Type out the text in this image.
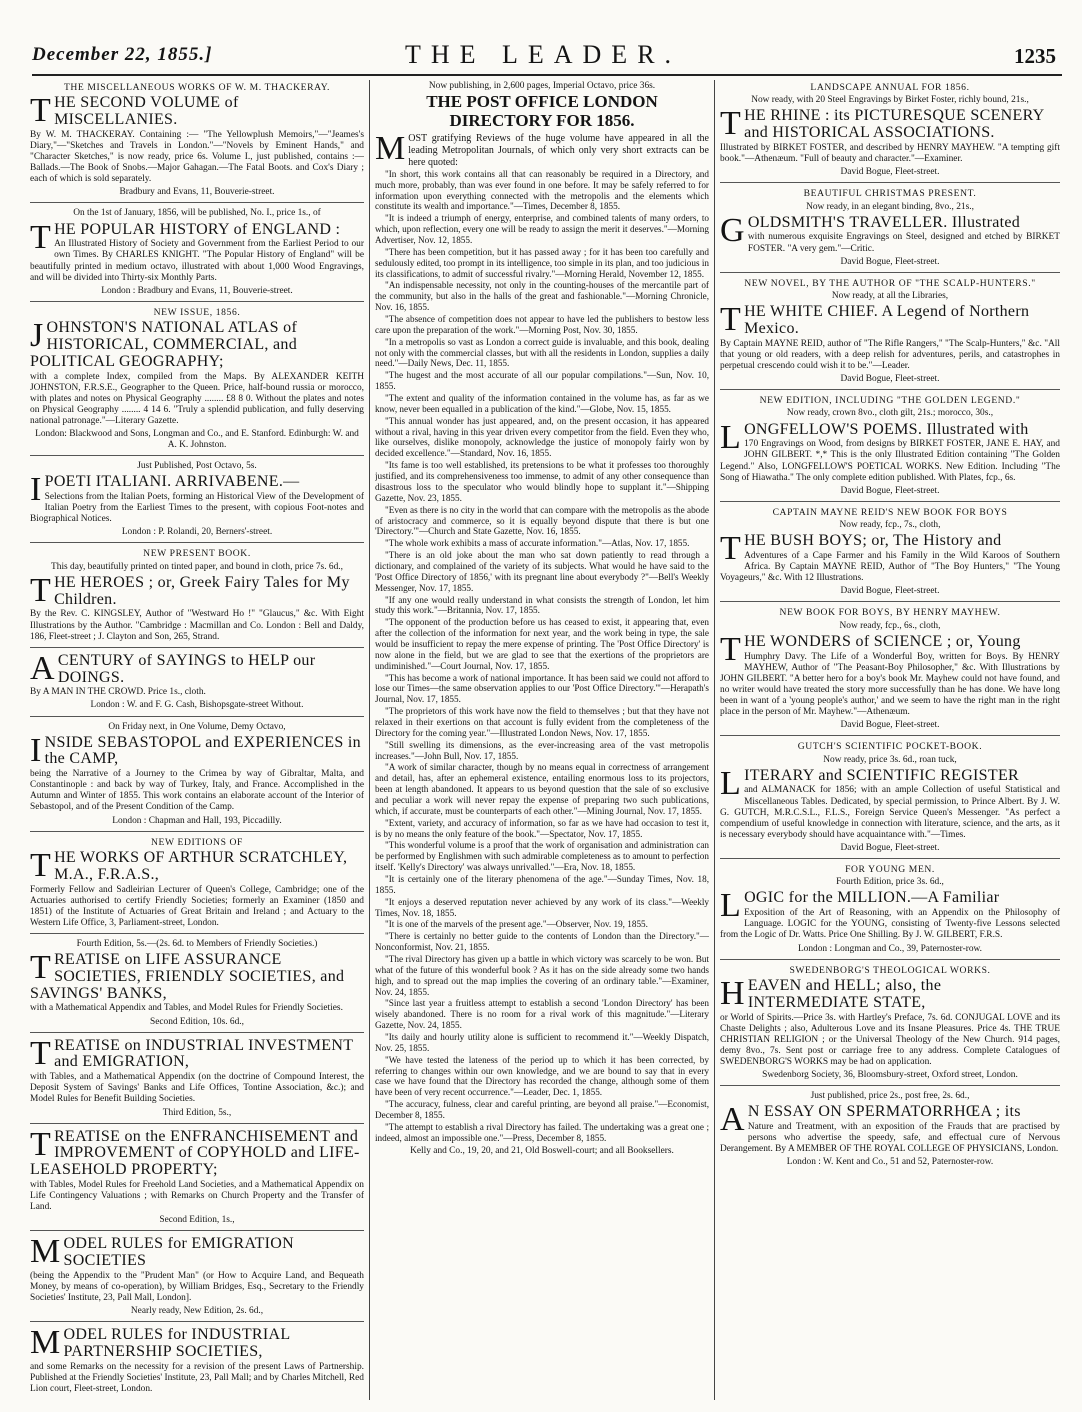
December 22, 1855.]	THE LEADER.	1235
THE MISCELLANEOUS WORKS OF W. M. THACKERAY.
THE SECOND VOLUME of MISCELLANIES.
By W. M. THACKERAY. Containing :— "The Yellowplush Memoirs,"—"Jeames's Diary,"—"Sketches and Travels in London."—"Novels by Eminent Hands," and "Character Sketches," is now ready, price 6s. Volume I., just published, contains :— Ballads.—The Book of Snobs.—Major Gahagan.—The Fatal Boots. and Cox's Diary ; each of which is sold separately.
Bradbury and Evans, 11, Bouverie-street.
On the 1st of January, 1856, will be published, No. I., price 1s., of
THE POPULAR HISTORY of ENGLAND :
An Illustrated History of Society and Government from the Earliest Period to our own Times. By CHARLES KNIGHT. "The Popular History of England" will be beautifully printed in medium octavo, illustrated with about 1,000 Wood Engravings, and will be divided into Thirty-six Monthly Parts.
London : Bradbury and Evans, 11, Bouverie-street.
NEW ISSUE, 1856.
JOHNSTON'S NATIONAL ATLAS of HISTORICAL, COMMERCIAL, and POLITICAL GEOGRAPHY;
with a complete Index, compiled from the Maps. By ALEXANDER KEITH JOHNSTON, F.R.S.E., Geographer to the Queen. Price, half-bound russia or morocco, with plates and notes on Physical Geography ........ £8 8 0. Without the plates and notes on Physical Geography ........ 4 14 6. "Truly a splendid publication, and fully deserving national patronage."—Literary Gazette.
London: Blackwood and Sons, Longman and Co., and E. Stanford. Edinburgh: W. and A. K. Johnston.
Just Published, Post Octavo, 5s.
I POETI ITALIANI. ARRIVABENE.—
Selections from the Italian Poets, forming an Historical View of the Development of Italian Poetry from the Earliest Times to the present, with copious Foot-notes and Biographical Notices.
London : P. Rolandi, 20, Berners'-street.
NEW PRESENT BOOK.
This day, beautifully printed on tinted paper, and bound in cloth, price 7s. 6d.,
THE HEROES ; or, Greek Fairy Tales for My Children.
By the Rev. C. KINGSLEY, Author of "Westward Ho !" "Glaucus," &c. With Eight Illustrations by the Author. "Cambridge : Macmillan and Co. London : Bell and Daldy, 186, Fleet-street ; J. Clayton and Son, 265, Strand.
A CENTURY of SAYINGS to HELP our DOINGS.
By A MAN IN THE CROWD. Price 1s., cloth.
London : W. and F. G. Cash, Bishopsgate-street Without.
On Friday next, in One Volume, Demy Octavo,
INSIDE SEBASTOPOL and EXPERIENCES in the CAMP,
being the Narrative of a Journey to the Crimea by way of Gibraltar, Malta, and Constantinople : and back by way of Turkey, Italy, and France. Accomplished in the Autumn and Winter of 1855. This work contains an elaborate account of the Interior of Sebastopol, and of the Present Condition of the Camp.
London : Chapman and Hall, 193, Piccadilly.
NEW EDITIONS OF
THE WORKS OF ARTHUR SCRATCHLEY, M.A., F.R.A.S.,
Formerly Fellow and Sadleirian Lecturer of Queen's College, Cambridge; one of the Actuaries authorised to certify Friendly Societies; formerly an Examiner (1850 and 1851) of the Institute of Actuaries of Great Britain and Ireland ; and Actuary to the Western Life Office, 3, Parliament-street, London.
Fourth Edition, 5s.—(2s. 6d. to Members of Friendly Societies.)
TREATISE on LIFE ASSURANCE SOCIETIES, FRIENDLY SOCIETIES, and SAVINGS' BANKS,
with a Mathematical Appendix and Tables, and Model Rules for Friendly Societies.
Second Edition, 10s. 6d.,
TREATISE on INDUSTRIAL INVESTMENT and EMIGRATION,
with Tables, and a Mathematical Appendix (on the doctrine of Compound Interest, the Deposit System of Savings' Banks and Life Offices, Tontine Association, &c.); and Model Rules for Benefit Building Societies.
Third Edition, 5s.,
TREATISE on the ENFRANCHISEMENT and IMPROVEMENT of COPYHOLD and LIFE-LEASEHOLD PROPERTY;
with Tables, Model Rules for Freehold Land Societies, and a Mathematical Appendix on Life Contingency Valuations ; with Remarks on Church Property and the Transfer of Land.
Second Edition, 1s.,
MODEL RULES for EMIGRATION SOCIETIES
(being the Appendix to the "Prudent Man" (or How to Acquire Land, and Bequeath Money, by means of co-operation), by William Bridges, Esq., Secretary to the Friendly Societies' Institute, 23, Pall Mall, London].
Nearly ready, New Edition, 2s. 6d.,
MODEL RULES for INDUSTRIAL PARTNERSHIP SOCIETIES,
and some Remarks on the necessity for a revision of the present Laws of Partnership. Published at the Friendly Societies' Institute, 23, Pall Mall; and by Charles Mitchell, Red Lion court, Fleet-street, London.
Now publishing, in 2,600 pages, Imperial Octavo, price 36s.
THE POST OFFICE LONDON DIRECTORY FOR 1856.
MOST gratifying Reviews of the huge volume have appeared in all the leading Metropolitan Journals, of which only very short extracts can be here quoted:
"In short, this work contains all that can reasonably be required in a Directory, and much more, probably, than was ever found in one before. It may be safely referred to for information upon everything connected with the metropolis and the elements which constitute its wealth and importance."—Times, December 8, 1855.
"It is indeed a triumph of energy, enterprise, and combined talents of many orders, to which, upon reflection, every one will be ready to assign the merit it deserves."—Morning Advertiser, Nov. 12, 1855.
"There has been competition, but it has passed away ; for it has been too carefully and sedulously edited, too prompt in its intelligence, too simple in its plan, and too judicious in its classifications, to admit of successful rivalry."—Morning Herald, November 12, 1855.
"An indispensable necessity, not only in the counting-houses of the mercantile part of the community, but also in the halls of the great and fashionable."—Morning Chronicle, Nov. 16, 1855.
"The absence of competition does not appear to have led the publishers to bestow less care upon the preparation of the work."—Morning Post, Nov. 30, 1855.
"In a metropolis so vast as London a correct guide is invaluable, and this book, dealing not only with the commercial classes, but with all the residents in London, supplies a daily need."—Daily News, Dec. 11, 1855.
"The hugest and the most accurate of all our popular compilations."—Sun, Nov. 10, 1855.
"The extent and quality of the information contained in the volume has, as far as we know, never been equalled in a publication of the kind."—Globe, Nov. 15, 1855.
"This annual wonder has just appeared, and, on the present occasion, it has appeared without a rival, having in this year driven every competitor from the field. Even they who, like ourselves, dislike monopoly, acknowledge the justice of monopoly fairly won by decided excellence."—Standard, Nov. 16, 1855.
"Its fame is too well established, its pretensions to be what it professes too thoroughly justified, and its comprehensiveness too immense, to admit of any other consequence than disastrous loss to the speculator who would blindly hope to supplant it."—Shipping Gazette, Nov. 23, 1855.
"Even as there is no city in the world that can compare with the metropolis as the abode of aristocracy and commerce, so it is equally beyond dispute that there is but one 'Directory.'"—Church and State Gazette, Nov. 16, 1855.
"The whole work exhibits a mass of accurate information."—Atlas, Nov. 17, 1855.
"There is an old joke about the man who sat down patiently to read through a dictionary, and complained of the variety of its subjects. What would he have said to the 'Post Office Directory of 1856,' with its pregnant line about everybody ?"—Bell's Weekly Messenger, Nov. 17, 1855.
"If any one would really understand in what consists the strength of London, let him study this work."—Britannia, Nov. 17, 1855.
"The opponent of the production before us has ceased to exist, it appearing that, even after the collection of the information for next year, and the work being in type, the sale would be insufficient to repay the mere expense of printing. The 'Post Office Directory' is now alone in the field, but we are glad to see that the exertions of the proprietors are undiminished."—Court Journal, Nov. 17, 1855.
"This has become a work of national importance. It has been said we could not afford to lose our Times—the same observation applies to our 'Post Office Directory.'"—Herapath's Journal, Nov. 17, 1855.
"The proprietors of this work have now the field to themselves ; but that they have not relaxed in their exertions on that account is fully evident from the completeness of the Directory for the coming year."—Illustrated London News, Nov. 17, 1855.
"Still swelling its dimensions, as the ever-increasing area of the vast metropolis increases."—John Bull, Nov. 17, 1855.
"A work of similar character, though by no means equal in correctness of arrangement and detail, has, after an ephemeral existence, entailing enormous loss to its projectors, been at length abandoned. It appears to us beyond question that the sale of so exclusive and peculiar a work will never repay the expense of preparing two such publications, which, if accurate, must be counterparts of each other."—Mining Journal, Nov. 17, 1855.
"Extent, variety, and accuracy of information, so far as we have had occasion to test it, is by no means the only feature of the book."—Spectator, Nov. 17, 1855.
"This wonderful volume is a proof that the work of organisation and administration can be performed by Englishmen with such admirable completeness as to amount to perfection itself. 'Kelly's Directory' was always unrivalled."—Era, Nov. 18, 1855.
"It is certainly one of the literary phenomena of the age."—Sunday Times, Nov. 18, 1855.
"It enjoys a deserved reputation never achieved by any work of its class."—Weekly Times, Nov. 18, 1855.
"It is one of the marvels of the present age."—Observer, Nov. 19, 1855.
"There is certainly no better guide to the contents of London than the Directory."—Nonconformist, Nov. 21, 1855.
"The rival Directory has given up a battle in which victory was scarcely to be won. But what of the future of this wonderful book ? As it has on the side already some two hands high, and to spread out the map implies the covering of an ordinary table."—Examiner, Nov. 24, 1855.
"Since last year a fruitless attempt to establish a second 'London Directory' has been wisely abandoned. There is no room for a rival work of this magnitude."—Literary Gazette, Nov. 24, 1855.
"Its daily and hourly utility alone is sufficient to recommend it."—Weekly Dispatch, Nov. 25, 1855.
"We have tested the lateness of the period up to which it has been corrected, by referring to changes within our own knowledge, and we are bound to say that in every case we have found that the Directory has recorded the change, although some of them have been of very recent occurrence."—Leader, Dec. 1, 1855.
"The accuracy, fulness, clear and careful printing, are beyond all praise."—Economist, December 8, 1855.
"The attempt to establish a rival Directory has failed. The undertaking was a great one ; indeed, almost an impossible one."—Press, December 8, 1855.
Kelly and Co., 19, 20, and 21, Old Boswell-court; and all Booksellers.
LANDSCAPE ANNUAL FOR 1856.
Now ready, with 20 Steel Engravings by Birket Foster, richly bound, 21s.,
THE RHINE : its PICTURESQUE SCENERY and HISTORICAL ASSOCIATIONS.
Illustrated by BIRKET FOSTER, and described by HENRY MAYHEW. "A tempting gift book."—Athenæum. "Full of beauty and character."—Examiner.
David Bogue, Fleet-street.
BEAUTIFUL CHRISTMAS PRESENT.
Now ready, in an elegant binding, 8vo., 21s.,
GOLDSMITH'S TRAVELLER. Illustrated
with numerous exquisite Engravings on Steel, designed and etched by BIRKET FOSTER. "A very gem."—Critic.
David Bogue, Fleet-street.
NEW NOVEL, BY THE AUTHOR OF "THE SCALP-HUNTERS."
Now ready, at all the Libraries,
THE WHITE CHIEF. A Legend of Northern Mexico.
By Captain MAYNE REID, author of "The Rifle Rangers," "The Scalp-Hunters," &c. "All that young or old readers, with a deep relish for adventures, perils, and catastrophes in perpetual crescendo could wish it to be."—Leader.
David Bogue, Fleet-street.
NEW EDITION, INCLUDING "THE GOLDEN LEGEND."
Now ready, crown 8vo., cloth gilt, 21s.; morocco, 30s.,
LONGFELLOW'S POEMS. Illustrated with
170 Engravings on Wood, from designs by BIRKET FOSTER, JANE E. HAY, and JOHN GILBERT. *,* This is the only Illustrated Edition containing "The Golden Legend." Also, LONGFELLOW'S POETICAL WORKS. New Edition. Including "The Song of Hiawatha." The only complete edition published. With Plates, fcp., 6s.
David Bogue, Fleet-street.
CAPTAIN MAYNE REID'S NEW BOOK FOR BOYS
Now ready, fcp., 7s., cloth,
THE BUSH BOYS; or, The History and
Adventures of a Cape Farmer and his Family in the Wild Karoos of Southern Africa. By Captain MAYNE REID, Author of "The Boy Hunters," "The Young Voyageurs," &c. With 12 Illustrations.
David Bogue, Fleet-street.
NEW BOOK FOR BOYS, BY HENRY MAYHEW.
Now ready, fcp., 6s., cloth,
THE WONDERS of SCIENCE ; or, Young
Humphry Davy. The Life of a Wonderful Boy, written for Boys. By HENRY MAYHEW, Author of "The Peasant-Boy Philosopher," &c. With Illustrations by JOHN GILBERT. "A better hero for a boy's book Mr. Mayhew could not have found, and no writer would have treated the story more successfully than he has done. We have long been in want of a 'young people's author,' and we seem to have the right man in the right place in the person of Mr. Mayhew."—Athenæum.
David Bogue, Fleet-street.
GUTCH'S SCIENTIFIC POCKET-BOOK.
Now ready, price 3s. 6d., roan tuck,
LITERARY and SCIENTIFIC REGISTER
and ALMANACK for 1856; with an ample Collection of useful Statistical and Miscellaneous Tables. Dedicated, by special permission, to Prince Albert. By J. W. G. GUTCH, M.R.C.S.L., F.L.S., Foreign Service Queen's Messenger. "As perfect a compendium of useful knowledge in connection with literature, science, and the arts, as it is necessary everybody should have acquaintance with."—Times.
David Bogue, Fleet-street.
FOR YOUNG MEN.
Fourth Edition, price 3s. 6d.,
LOGIC for the MILLION.—A Familiar
Exposition of the Art of Reasoning, with an Appendix on the Philosophy of Language. LOGIC for the YOUNG, consisting of Twenty-five Lessons selected from the Logic of Dr. Watts. Price One Shilling. By J. W. GILBERT, F.R.S.
London : Longman and Co., 39, Paternoster-row.
SWEDENBORG'S THEOLOGICAL WORKS.
HEAVEN and HELL; also, the INTERMEDIATE STATE,
or World of Spirits.—Price 3s. with Hartley's Preface, 7s. 6d. CONJUGAL LOVE and its Chaste Delights ; also, Adulterous Love and its Insane Pleasures. Price 4s. THE TRUE CHRISTIAN RELIGION ; or the Universal Theology of the New Church. 914 pages, demy 8vo., 7s. Sent post or carriage free to any address. Complete Catalogues of SWEDENBORG'S WORKS may be had on application.
Swedenborg Society, 36, Bloomsbury-street, Oxford street, London.
Just published, price 2s., post free, 2s. 6d.,
A N ESSAY ON SPERMATORRHŒA ; its
Nature and Treatment, with an exposition of the Frauds that are practised by persons who advertise the speedy, safe, and effectual cure of Nervous Derangement. By A MEMBER OF THE ROYAL COLLEGE OF PHYSICIANS, London.
London : W. Kent and Co., 51 and 52, Paternoster-row.
